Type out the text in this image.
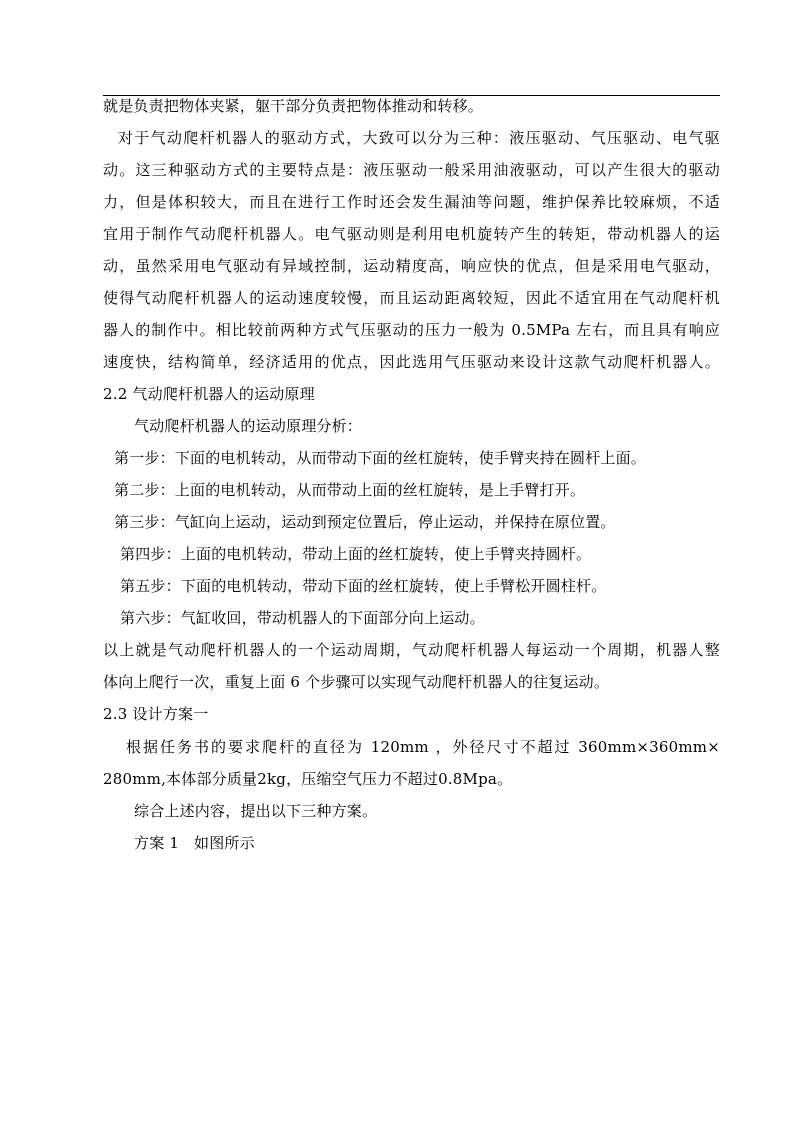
就是负责把物体夹紧，躯干部分负责把物体推动和转移。
对于气动爬杆机器人的驱动方式，大致可以分为三种：液压驱动、气压驱动、电气驱
动。这三种驱动方式的主要特点是：液压驱动一般采用油液驱动，可以产生很大的驱动
力，但是体积较大，而且在进行工作时还会发生漏油等问题，维护保养比较麻烦，不适
宜用于制作气动爬杆机器人。电气驱动则是利用电机旋转产生的转矩，带动机器人的运
动，虽然采用电气驱动有异域控制，运动精度高，响应快的优点，但是采用电气驱动，
使得气动爬杆机器人的运动速度较慢，而且运动距离较短，因此不适宜用在气动爬杆机
器人的制作中。相比较前两种方式气压驱动的压力一般为 0.5MPa 左右，而且具有响应
速度快，结构简单，经济适用的优点，因此选用气压驱动来设计这款气动爬杆机器人。
2.2 气动爬杆机器人的运动原理
气动爬杆机器人的运动原理分析：
第一步：下面的电机转动，从而带动下面的丝杠旋转，使手臂夹持在圆杆上面。
第二步：上面的电机转动，从而带动上面的丝杠旋转，是上手臂打开。
第三步：气缸向上运动，运动到预定位置后，停止运动，并保持在原位置。
第四步：上面的电机转动，带动上面的丝杠旋转，使上手臂夹持圆杆。
第五步：下面的电机转动，带动下面的丝杠旋转，使上手臂松开圆柱杆。
第六步：气缸收回，带动机器人的下面部分向上运动。
以上就是气动爬杆机器人的一个运动周期，气动爬杆机器人每运动一个周期，机器人整
体向上爬行一次，重复上面 6 个步骤可以实现气动爬杆机器人的往复运动。
2.3 设计方案一
根据任务书的要求爬杆的直径为 120mm ，外径尺寸不超过 360mm×360mm×
280mm,本体部分质量2kg，压缩空气压力不超过0.8Mpa。
综合上述内容，提出以下三种方案。
方案 1   如图所示
